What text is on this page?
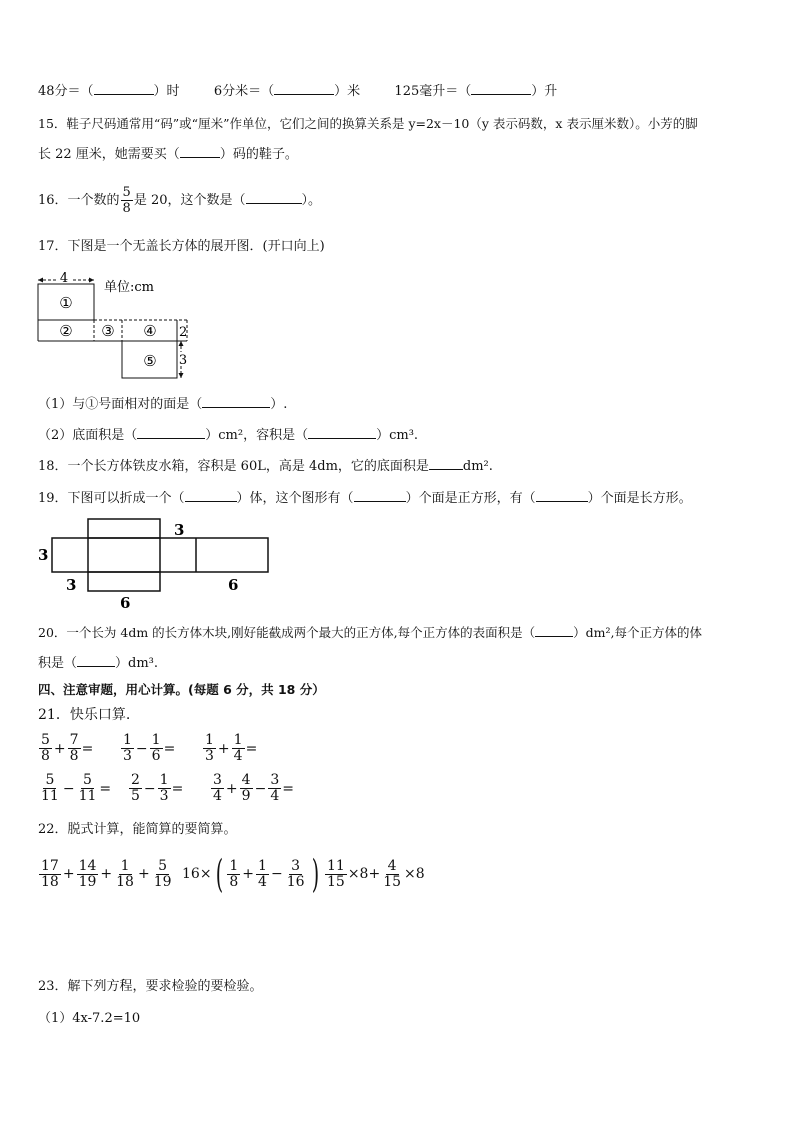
48分＝（	）时	6分米＝（	）米	125毫升＝（	）升
15．鞋子尺码通常用“码”或“厘米”作单位，它们之间的换算关系是 y=2x－10（y 表示码数，x 表示厘米数）。小芳的脚
长 22 厘米，她需要买（	）码的鞋子。
16．一个数的 $\frac{5}{8}$ 是 20，这个数是（	）。
17．下图是一个无盖长方体的展开图．(开口向上)
4
①
单位:cm
② ③ ④
⑤
2
3
（1）与①号面相对的面是（	）.
（2）底面积是（	）cm²，容积是（	）cm³.
18．一个长方体铁皮水箱，容积是 60L，高是 4dm，它的底面积是	dm².
19．下图可以折成一个（	）体，这个图形有（	）个面是正方形，有（	）个面是长方形。
3
3
3
6
6
20．一个长为 4dm 的长方体木块,刚好能截成两个最大的正方体,每个正方体的表面积是（	）dm²,每个正方体的体
积是（	）dm³.
四、注意审题，用心计算。(每题 6 分，共 18 分）
21．快乐口算.
$\frac{5}{8} + \frac{7}{8} = \frac{1}{3} - \frac{1}{6} = \frac{1}{3} + \frac{1}{4}$ =
$\frac{5}{11} - \frac{5}{11} = \frac{2}{5} - \frac{1}{3} = \frac{3}{4} + \frac{4}{9} - \frac{3}{4}$ =
22．脱式计算，能简算的要简算。
$\frac{17}{18} + \frac{14}{19} + \frac{1}{18} + \frac{5}{19} 16\times$ ( $\frac{1}{8} + \frac{1}{4} - \frac{3}{16}$ ) $\frac{11}{15} \times 8+ \frac{4}{15} \times 8$
23．解下列方程，要求检验的要检验。
（1）4x-7.2=10
